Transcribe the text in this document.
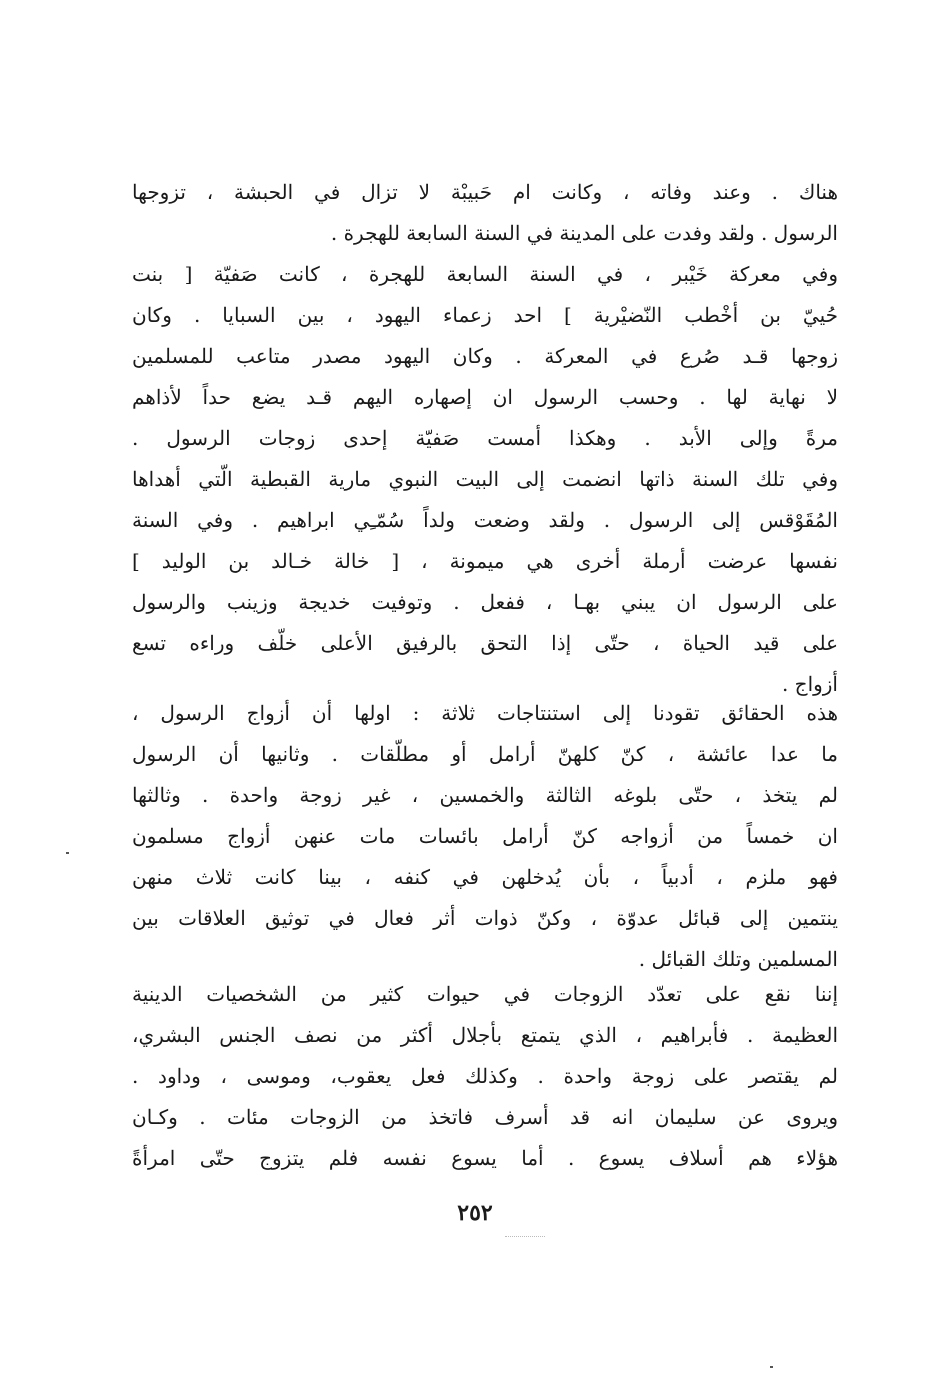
هناك . وعند وفاته ، وكانت ام حَبيبْة لا تزال في الحبشة ، تزوجها
الرسول . ولقد وفدت على المدينة في السنة السابعة للهجرة .
وفي معركة خَيْبر ، في السنة السابعة للهجرة ، كانت صَفيّة [ بنت
حُييّ بن أخْطب النّضيْرية ] احد زعماء اليهود ، بين السبايا . وكان
زوجها قـد صُرع في المعركة . وكان اليهود مصدر متاعب للمسلمين
لا نهاية لها . وحسب الرسول ان إصهاره اليهم قـد يضع حداً لأذاهم
مرةً وإلى الأبد . وهكذا أمست صَفيّة إحدى زوجات الرسول .
وفي تلك السنة ذاتها انضمت إلى البيت النبوي مارية القبطية الّتي أهداها
المُقَوْقس إلى الرسول . ولقد وضعت ولداً سُمّـِي ابراهيم . وفي السنة
نفسها عرضت أرملة أخرى هي ميمونة ، [ خالة خـالد بن الوليد ]
على الرسول ان يبني بهـا ، ففعل . وتوفيت خديجة وزينب والرسول
على قيد الحياة ، حتّى إذا التحق بالرفيق الأعلى خلّف وراءه تسع
أزواج .
هذه الحقائق تقودنا إلى استنتاجات ثلاثة : اولها أن أزواج الرسول ،
ما عدا عائشة ، كنّ كلهنّ أرامل أو مطلّقات . وثانيها أن الرسول
لم يتخذ ، حتّى بلوغه الثالثة والخمسين ، غير زوجة واحدة . وثالثها
ان خمساً من أزواجه كنّ أرامل بائسات مات عنهن أزواج مسلمون
فهو ملزم ، أدبياً ، بأن يُدخلهن في كنفه ، بينا كانت ثلاث منهن
ينتمين إلى قبائل عدوّة ، وكنّ ذوات أثر فعال في توثيق العلاقات بين
المسلمين وتلك القبائل .
إننا نقع على تعدّد الزوجات في حيوات كثير من الشخصيات الدينية
العظيمة . فأبراهيم ، الذي يتمتع بأجلال أكثر من نصف الجنس البشري،
لم يقتصر على زوجة واحدة . وكذلك فعل يعقوب، وموسى ، وداود .
ويروى عن سليمان انه قد أسرف فاتخذ من الزوجات مئات . وكـان
هؤلاء هم أسلاف يسوع . أما يسوع نفسه فلم يتزوج حتّى امرأةً
٢٥٢
